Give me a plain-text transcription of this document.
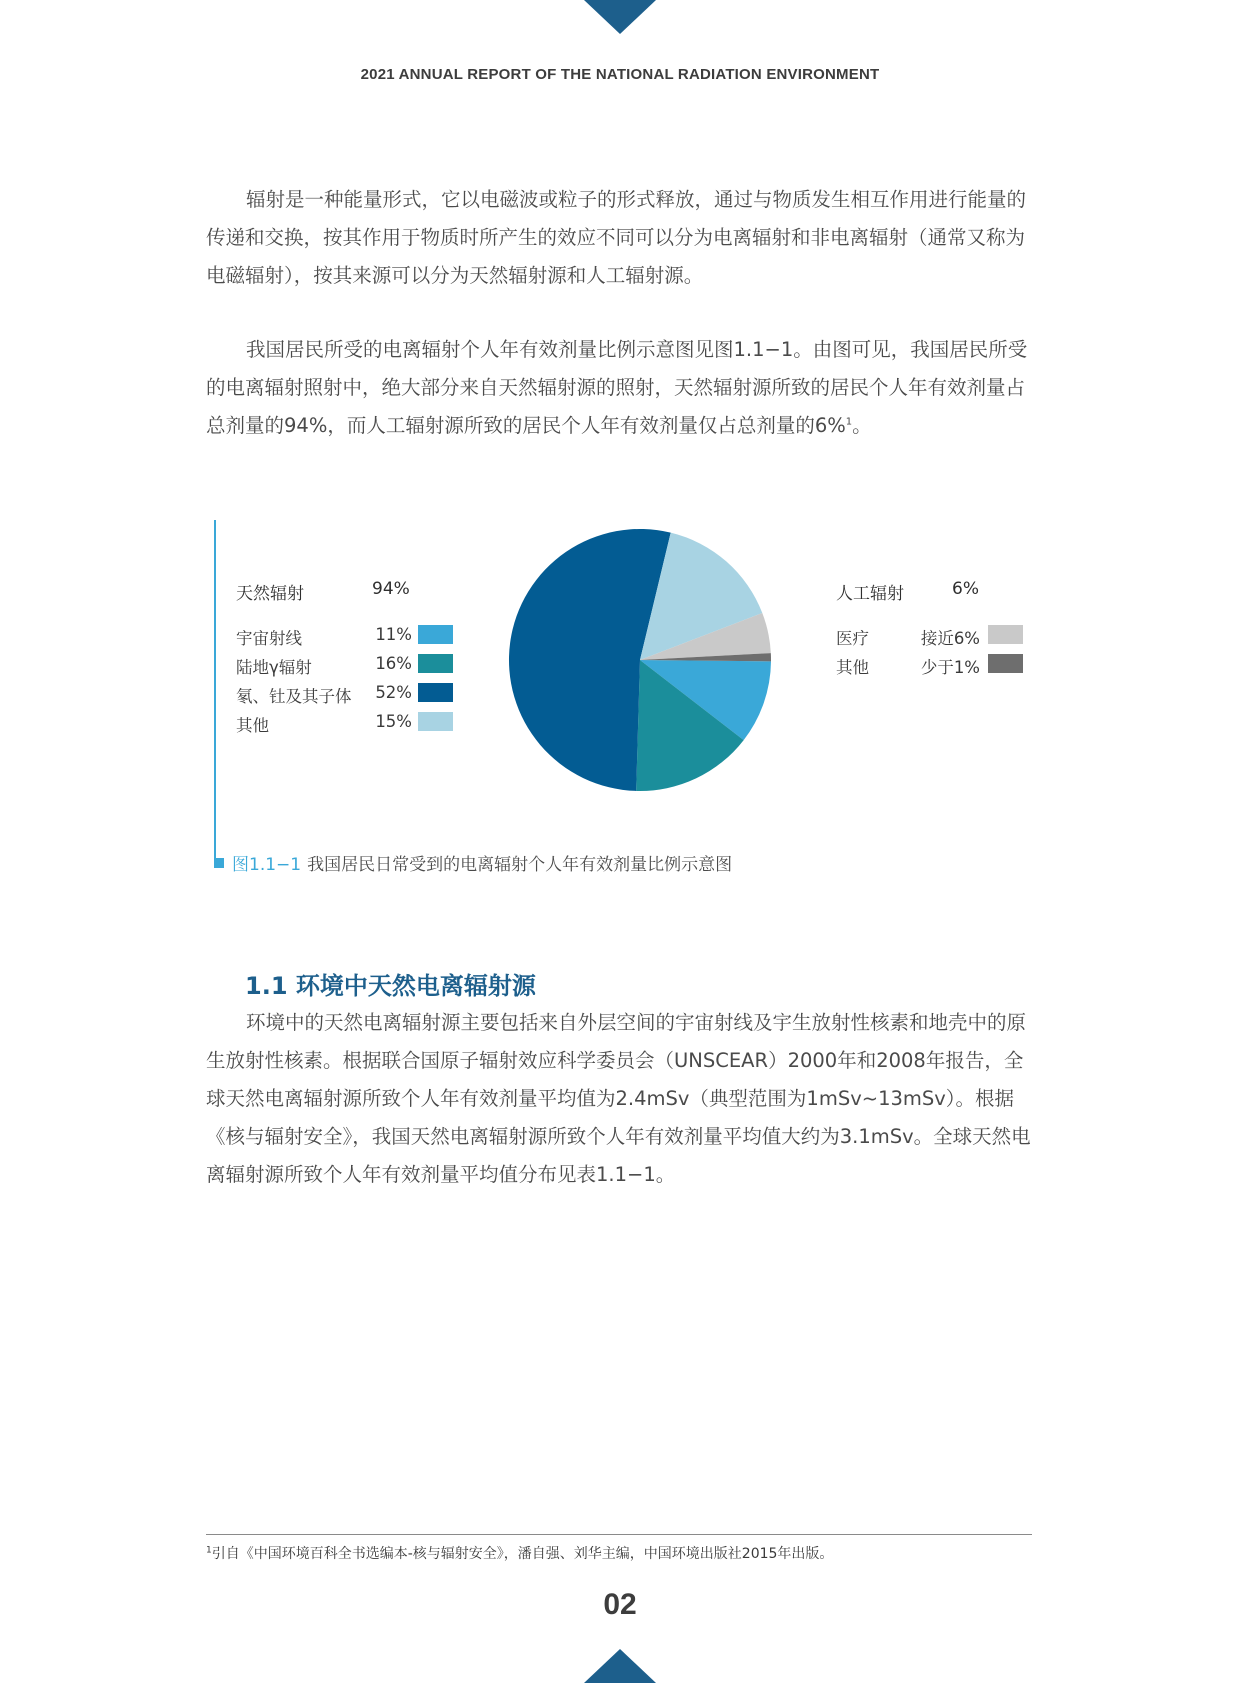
2021 ANNUAL REPORT OF THE NATIONAL RADIATION ENVIRONMENT

辐射是一种能量形式，它以电磁波或粒子的形式释放，通过与物质发生相互作用进行能量的传递和交换，按其作用于物质时所产生的效应不同可以分为电离辐射和非电离辐射（通常又称为电磁辐射），按其来源可以分为天然辐射源和人工辐射源。

我国居民所受的电离辐射个人年有效剂量比例示意图见图1.1−1。由图可见，我国居民所受的电离辐射照射中，绝大部分来自天然辐射源的照射，天然辐射源所致的居民个人年有效剂量占总剂量的94%，而人工辐射源所致的居民个人年有效剂量仅占总剂量的6%$^1$。

天然辐射	94%
宇宙射线	11%
陆地γ辐射	16%
氡、钍及其子体	52%
其他	15%
人工辐射	6%
医疗	接近6%
其他	少于1%
图1.1−1 我国居民日常受到的电离辐射个人年有效剂量比例示意图
1.1 环境中天然电离辐射源

环境中的天然电离辐射源主要包括来自外层空间的宇宙射线及宇生放射性核素和地壳中的原生放射性核素。根据联合国原子辐射效应科学委员会（UNSCEAR）2000年和2008年报告，全球天然电离辐射源所致个人年有效剂量平均值为2.4mSv（典型范围为1mSv~13mSv）。根据《核与辐射安全》，我国天然电离辐射源所致个人年有效剂量平均值大约为3.1mSv。全球天然电离辐射源所致个人年有效剂量平均值分布见表1.1−1。

$^1$引自《中国环境百科全书选编本-核与辐射安全》，潘自强、刘华主编，中国环境出版社2015年出版。
02
